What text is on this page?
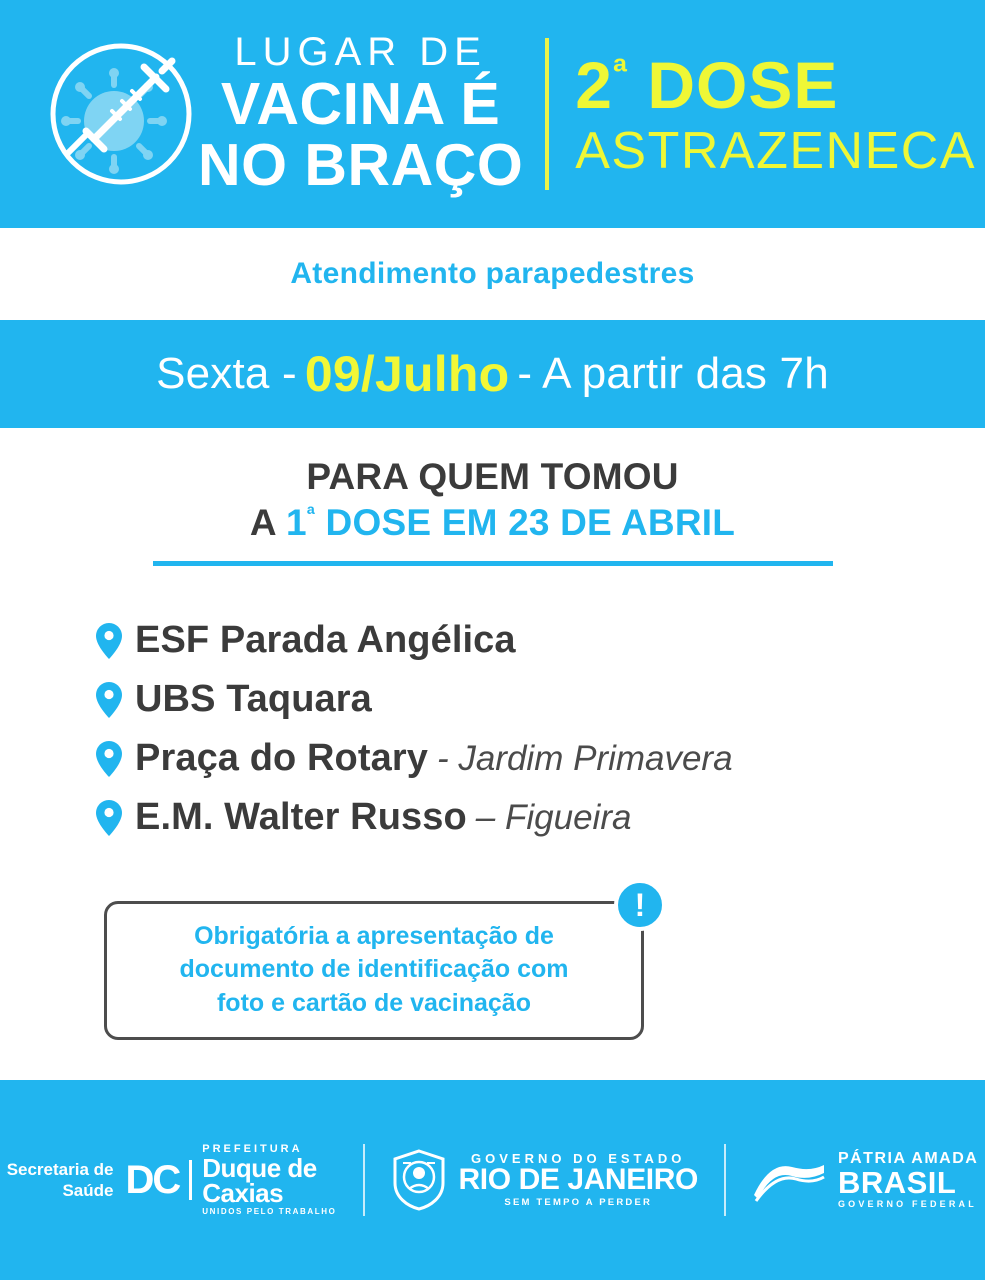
LUGAR DE
VACINA É
NO BRAÇO
$2^ª$ DOSE
ASTRAZENECA
Atendimento para pedestres
Sexta - 09/Julho - A partir das 7h
PARA QUEM TOMOU
A $1^ª$ DOSE EM 23 DE ABRIL
ESF Parada Angélica
UBS Taquara
Praça do Rotary - Jardim Primavera
E.M. Walter Russo – Figueira
Obrigatória a apresentação de
documento de identificação com
foto e cartão de vacinação
!
Secretaria de
Saúde DC
PREFEITURA
Duque de
Caxias
UNIDOS PELO TRABALHO
GOVERNO DO ESTADO
RIO DE JANEIRO
SEM TEMPO A PERDER
PÁTRIA AMADA
BRASIL
GOVERNO FEDERAL
